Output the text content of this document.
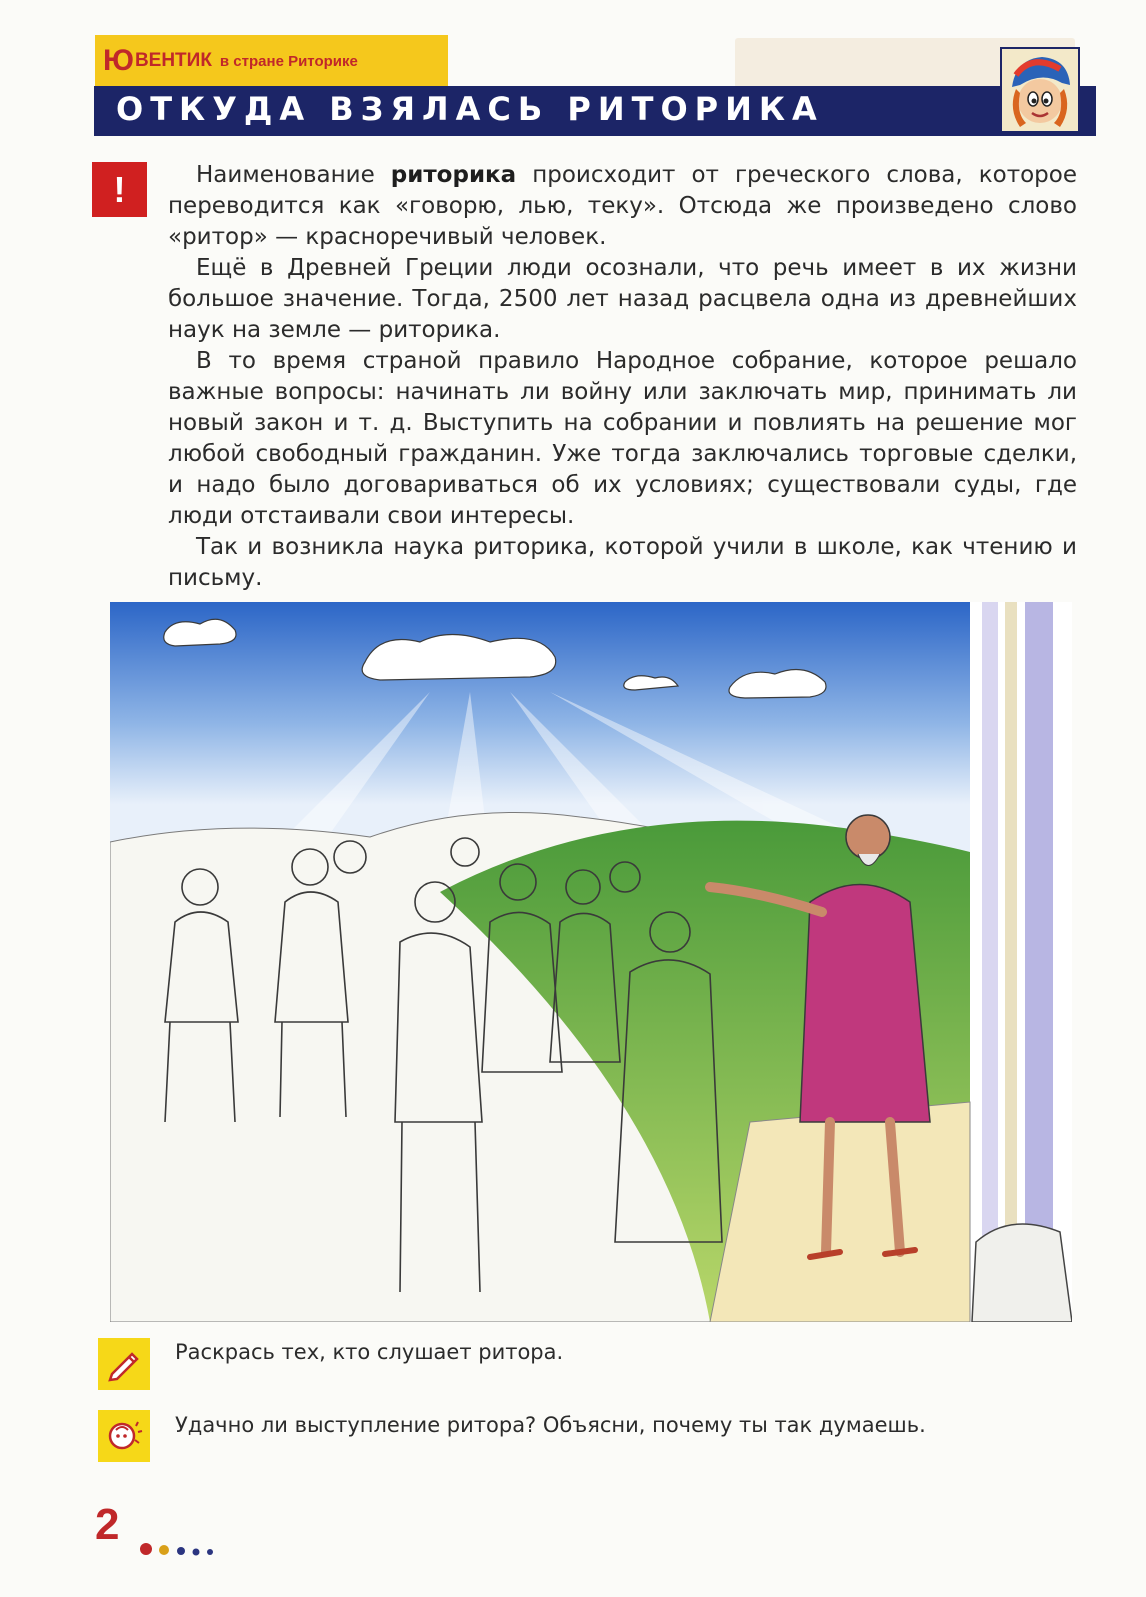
Ю ВЕНТИК в стране Риторике
ОТКУДА ВЗЯЛАСЬ РИТОРИКА
!	Наименование риторика происходит от греческого слова, которое переводится как «говорю, лью, теку». Отсюда же произведено слово «ритор» — красноречивый человек.

Ещё в Древней Греции люди осознали, что речь имеет в их жизни большое значение. Тогда, 2500 лет назад расцвела одна из древнейших наук на земле — риторика.

В то время страной правило Народное собрание, которое решало важные вопросы: начинать ли войну или заключать мир, принимать ли новый закон и т. д. Выступить на собрании и повлиять на решение мог любой свободный гражданин. Уже тогда заключались торговые сделки, и надо было договариваться об их условиях; существовали суды, где люди отстаивали свои интересы.

Так и возникла наука риторика, которой учили в школе, как чтению и письму.

Раскрась тех, кто слушает ритора.
Удачно ли выступление ритора? Объясни, почему ты так думаешь.
2
